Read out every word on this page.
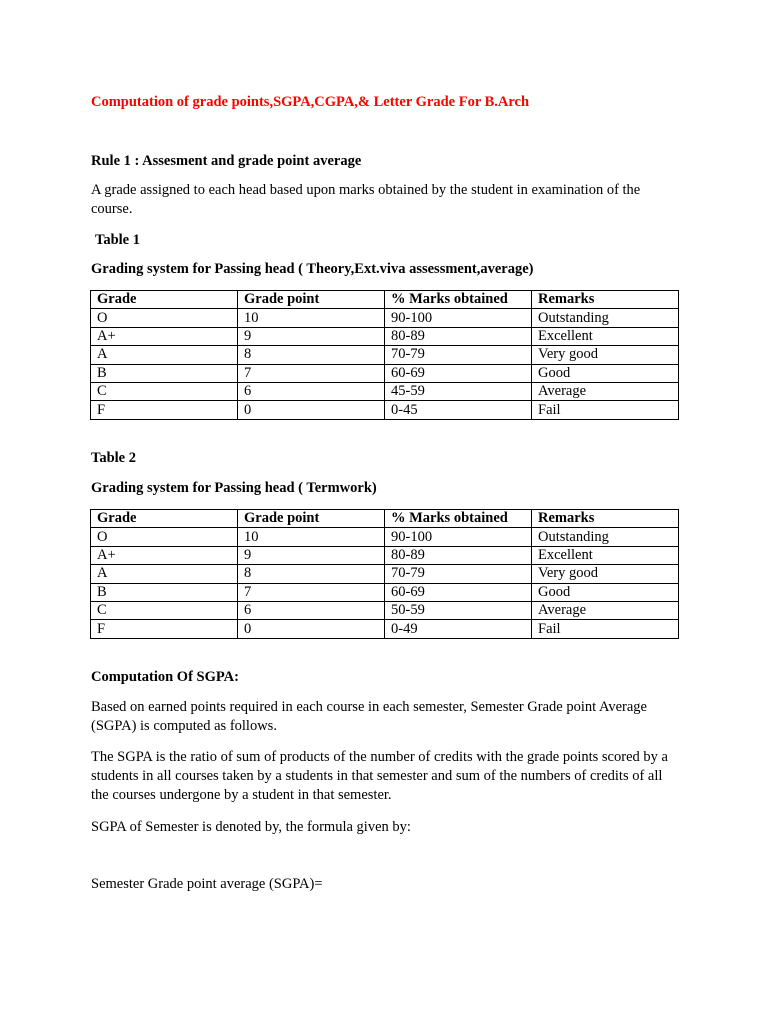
Computation of grade points,SGPA,CGPA,& Letter Grade For B.Arch
Rule 1 : Assesment and grade point average
A grade assigned to each head based upon marks obtained by the student in examination of the course.
Table 1
Grading system for Passing head ( Theory,Ext.viva assessment,average)
Grade	Grade point	% Marks obtained	Remarks
O	10	90-100	Outstanding
A+	9	80-89	Excellent
A	8	70-79	Very good
B	7	60-69	Good
C	6	45-59	Average
F	0	0-45	Fail
Table 2
Grading system for Passing head ( Termwork)
Grade	Grade point	% Marks obtained	Remarks
O	10	90-100	Outstanding
A+	9	80-89	Excellent
A	8	70-79	Very good
B	7	60-69	Good
C	6	50-59	Average
F	0	0-49	Fail
Computation Of SGPA:
Based on earned points required in each course in each semester, Semester Grade point Average (SGPA) is computed as follows.
The SGPA is the ratio of sum of products of the number of credits with the grade points scored by a students in all courses taken by a students in that semester and sum of the numbers of credits of all the courses undergone by a student in that semester.
SGPA of Semester is denoted by, the formula given by:
Semester Grade point average (SGPA)=
